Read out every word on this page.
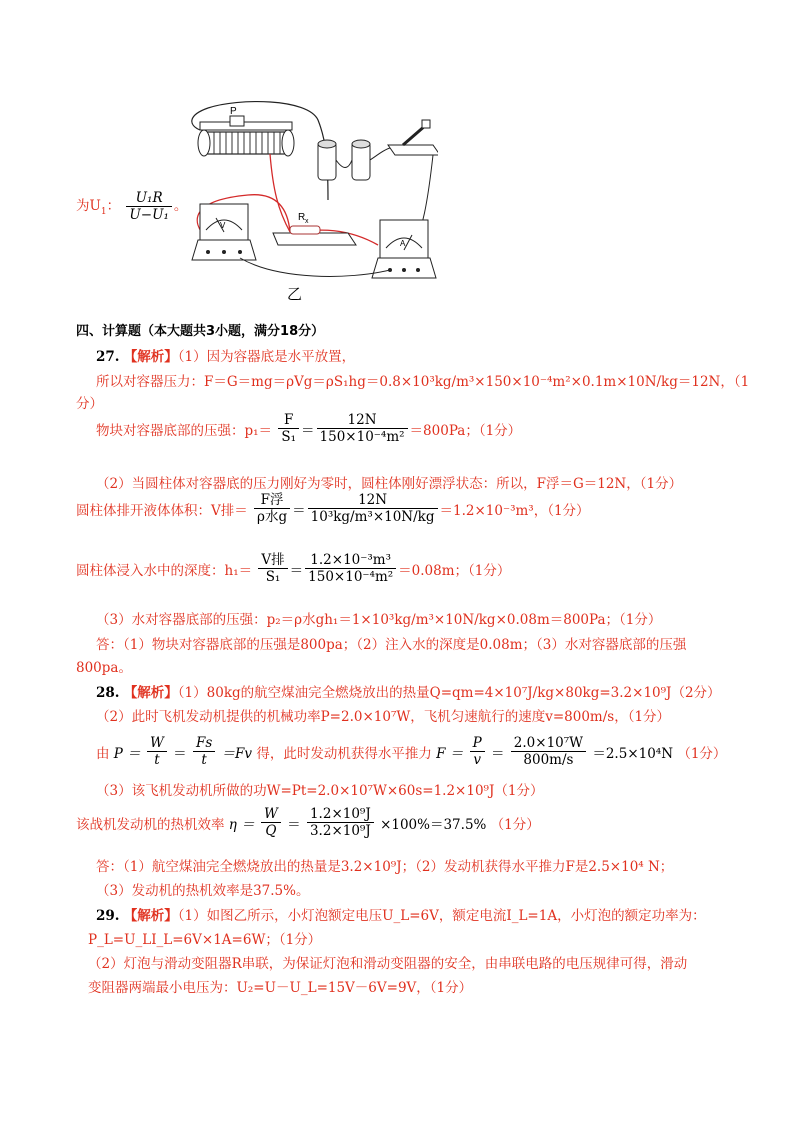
为$U_1$： $\frac{\text{U₁R}}{\text{U−U₁}}$ 。
P
V
R x
A
乙
四、计算题（本大题共3小题，满分18分）
27. 【解析】（1）因为容器底是水平放置，
所以对容器压力：F＝G＝mg＝ρVg＝ρS₁hg＝0.8×10³kg/m³×150×10⁻⁴m²×0.1m×10N/kg＝12N，（1
分）
物块对容器底部的压强：$p_1= \frac{F}{\text{S₁}} = \frac{12N}{\text{150×10⁻⁴m²}} =800Pa$；（1分）
（2）当圆柱体对容器底的压力刚好为零时，圆柱体刚好漂浮状态：所以，F浮＝G＝12N，（1分）
圆柱体排开液体体积：V排＝ $\frac{\text{F浮}}{\text{ρ水g}} = \frac{12N}{\text{10³kg/m³×10N/kg}} =1.2\times 10^{-3}m^3$，（1分）
圆柱体浸入水中的深度：$h_1= \frac{\text{V排}}{\text{S₁}} = \frac{\text{1.2×10⁻³m³}}{\text{150×10⁻⁴m²}} =0.08m$；（1分）
（3）水对容器底部的压强：p₂＝ρ水gh₁＝1×10³kg/m³×10N/kg×0.08m＝800Pa；（1分）
答：（1）物块对容器底部的压强是800pa；（2）注入水的深度是0.08m；（3）水对容器底部的压强
800pa。
28. 【解析】（1）80kg的航空煤油完全燃烧放出的热量Q=qm=4×10⁷J/kg×80kg=3.2×10⁹J（2分）
（2）此时飞机发动机提供的机械功率P=2.0×10⁷W，飞机匀速航行的速度v=800m/s，（1分）
由 $P = \frac{W}{t} = \frac{Fs}{t} =Fv$ 得，此时发动机获得水平推力 $F = \frac{P}{v} = \frac{\text{2.0×10⁷W}}{800m/s} =2.5\times 10^4N$ （1分）
（3）该飞机发动机所做的功W=Pt=2.0×10⁷W×60s=1.2×10⁹J（1分）
该战机发动机的热机效率 $\eta = \frac{W}{Q} = \frac{\text{1.2×10⁹J}}{\text{3.2×10⁹J}} \times 100\%=37.5\%$ （1分）
答：（1）航空煤油完全燃烧放出的热量是3.2×10⁹J；（2）发动机获得水平推力F是2.5×10⁴ N；
（3）发动机的热机效率是37.5%。
29. 【解析】（1）如图乙所示，小灯泡额定电压U_L=6V，额定电流I_L=1A，小灯泡的额定功率为：
P_L=U_LI_L=6V×1A=6W；（1分）
（2）灯泡与滑动变阻器R串联，为保证灯泡和滑动变阻器的安全，由串联电路的电压规律可得，滑动
变阻器两端最小电压为：U₂=U－U_L=15V－6V=9V，（1分）
